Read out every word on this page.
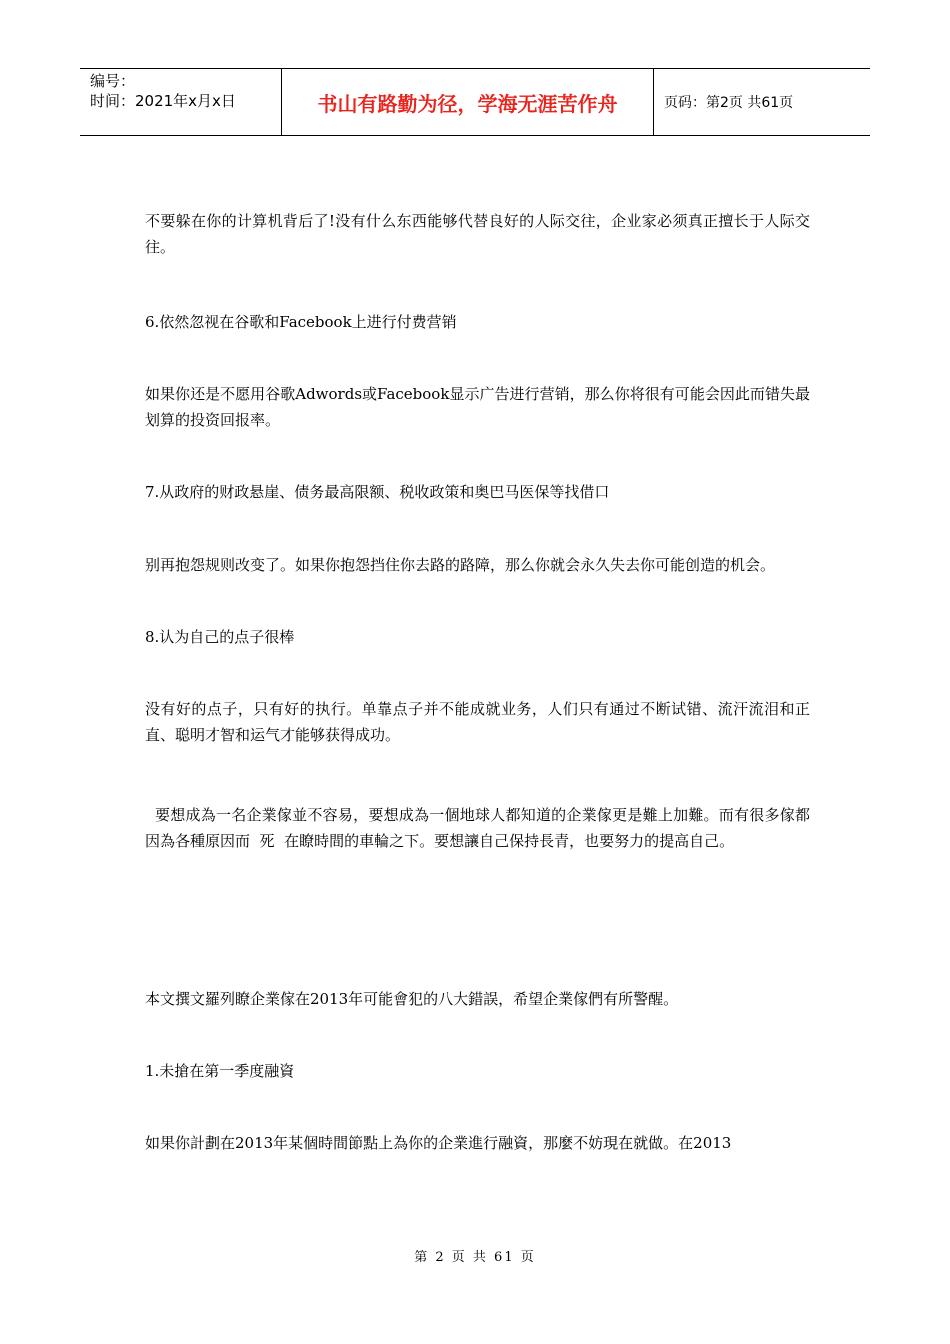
编号：
时间：2021年x月x日	书山有路勤为径，学海无涯苦作舟	页码：第2页 共61页

不要躲在你的计算机背后了!没有什么东西能够代替良好的人际交往，企业家必须真正擅长于人际交往。

6.依然忽视在谷歌和Facebook上进行付费营销

如果你还是不愿用谷歌Adwords或Facebook显示广告进行营销，那么你将很有可能会因此而错失最划算的投资回报率。

7.从政府的财政悬崖、债务最高限额、税收政策和奥巴马医保等找借口

别再抱怨规则改变了。如果你抱怨挡住你去路的路障，那么你就会永久失去你可能创造的机会。

8.认为自己的点子很棒

没有好的点子，只有好的执行。单靠点子并不能成就业务，人们只有通过不断试错、流汗流泪和正直、聪明才智和运气才能够获得成功。

要想成為一名企業傢並不容易，要想成為一個地球人都知道的企業傢更是難上加難。而有很多傢都因為各種原因而  死  在瞭時間的車輪之下。要想讓自己保持長青，也要努力的提高自己。

本文撰文羅列瞭企業傢在2013年可能會犯的八大錯誤，希望企業傢們有所警醒。

1.未搶在第一季度融資

如果你計劃在2013年某個時間節點上為你的企業進行融資，那麼不妨現在就做。在2013

第 2 页 共 61 页
